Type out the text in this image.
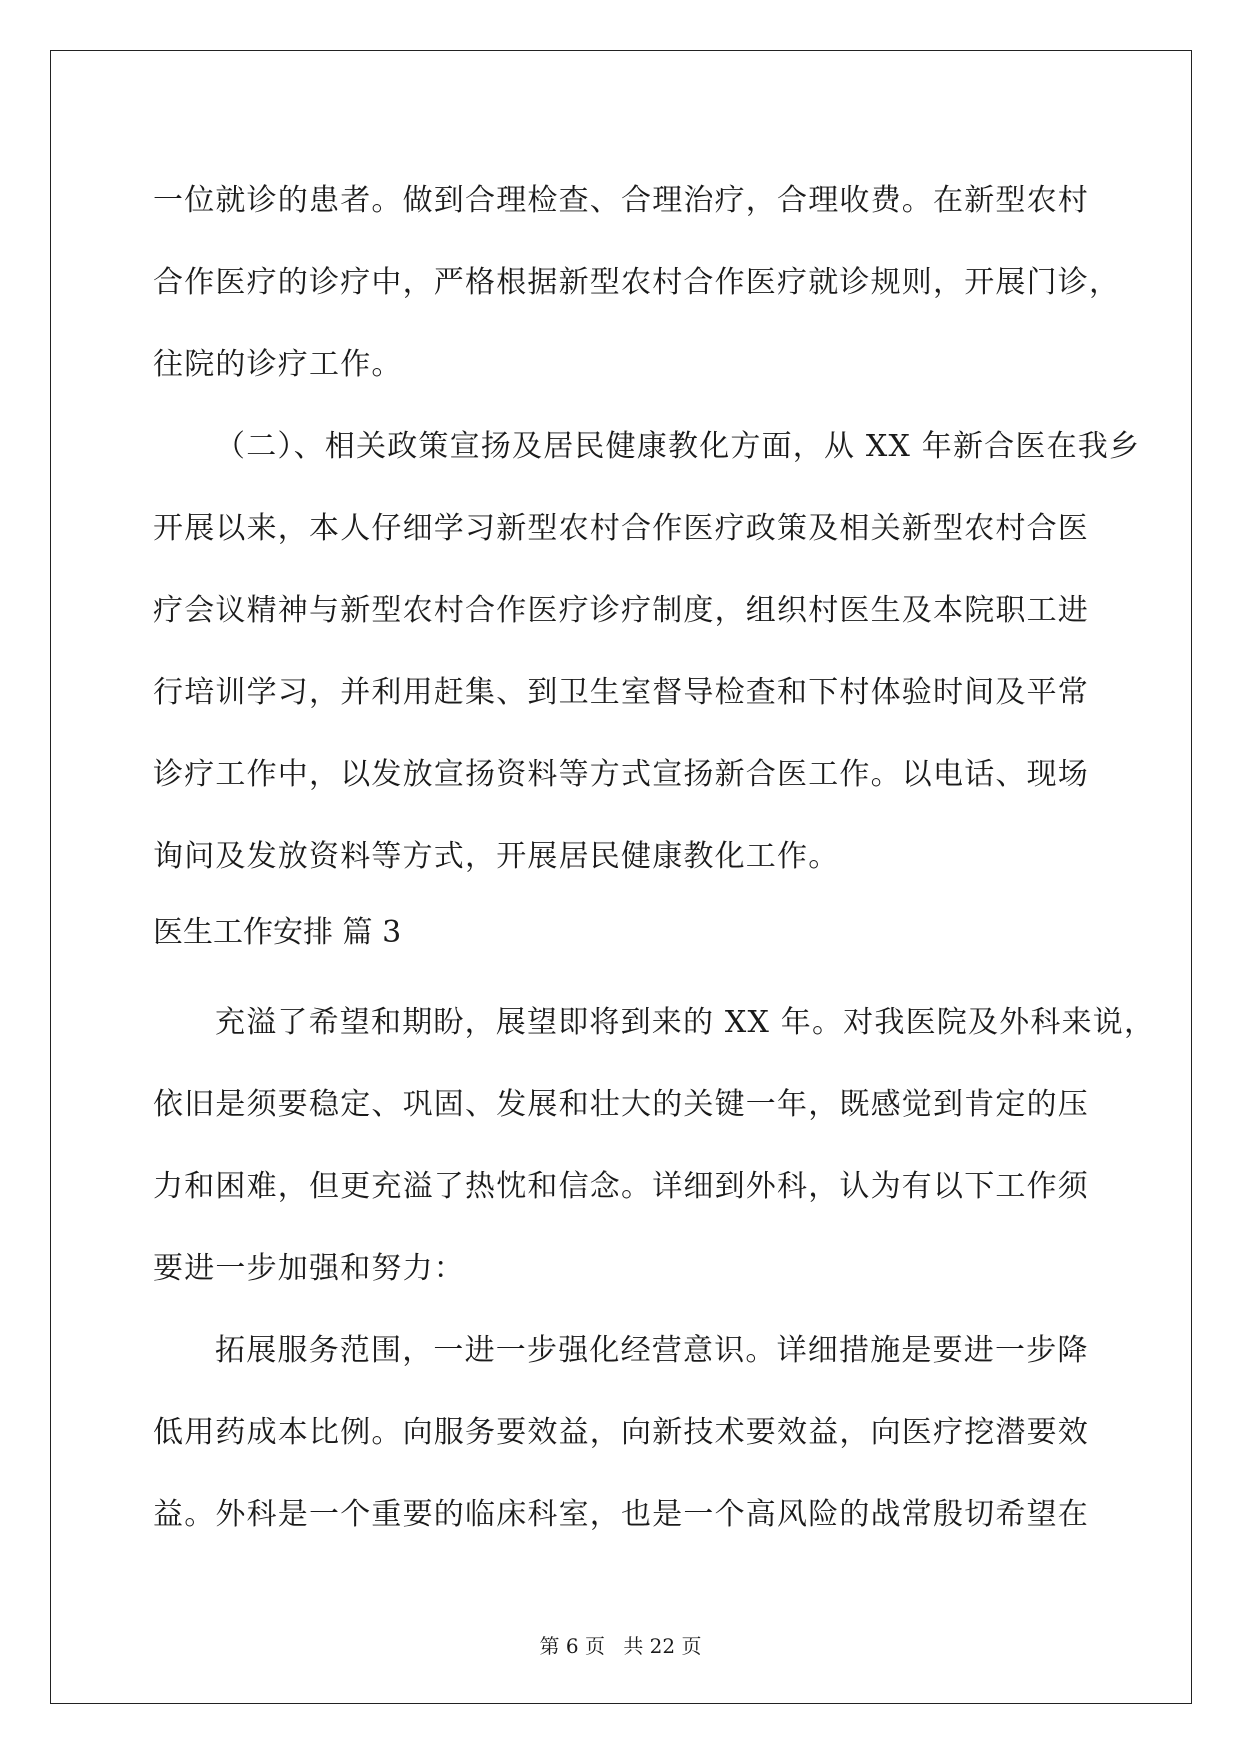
一位就诊的患者。做到合理检查、合理治疗，合理收费。在新型农村
合作医疗的诊疗中，严格根据新型农村合作医疗就诊规则，开展门诊，
往院的诊疗工作。
（二）、相关政策宣扬及居民健康教化方面，从 XX 年新合医在我乡
开展以来，本人仔细学习新型农村合作医疗政策及相关新型农村合医
疗会议精神与新型农村合作医疗诊疗制度，组织村医生及本院职工进
行培训学习，并利用赶集、到卫生室督导检查和下村体验时间及平常
诊疗工作中，以发放宣扬资料等方式宣扬新合医工作。以电话、现场
询问及发放资料等方式，开展居民健康教化工作。
医生工作安排 篇 3
充溢了希望和期盼，展望即将到来的 XX 年。对我医院及外科来说，
依旧是须要稳定、巩固、发展和壮大的关键一年，既感觉到肯定的压
力和困难，但更充溢了热忱和信念。详细到外科，认为有以下工作须
要进一步加强和努力：
拓展服务范围，一进一步强化经营意识。详细措施是要进一步降
低用药成本比例。向服务要效益，向新技术要效益，向医疗挖潜要效
益。外科是一个重要的临床科室，也是一个高风险的战常殷切希望在
第 6 页 共 22 页
